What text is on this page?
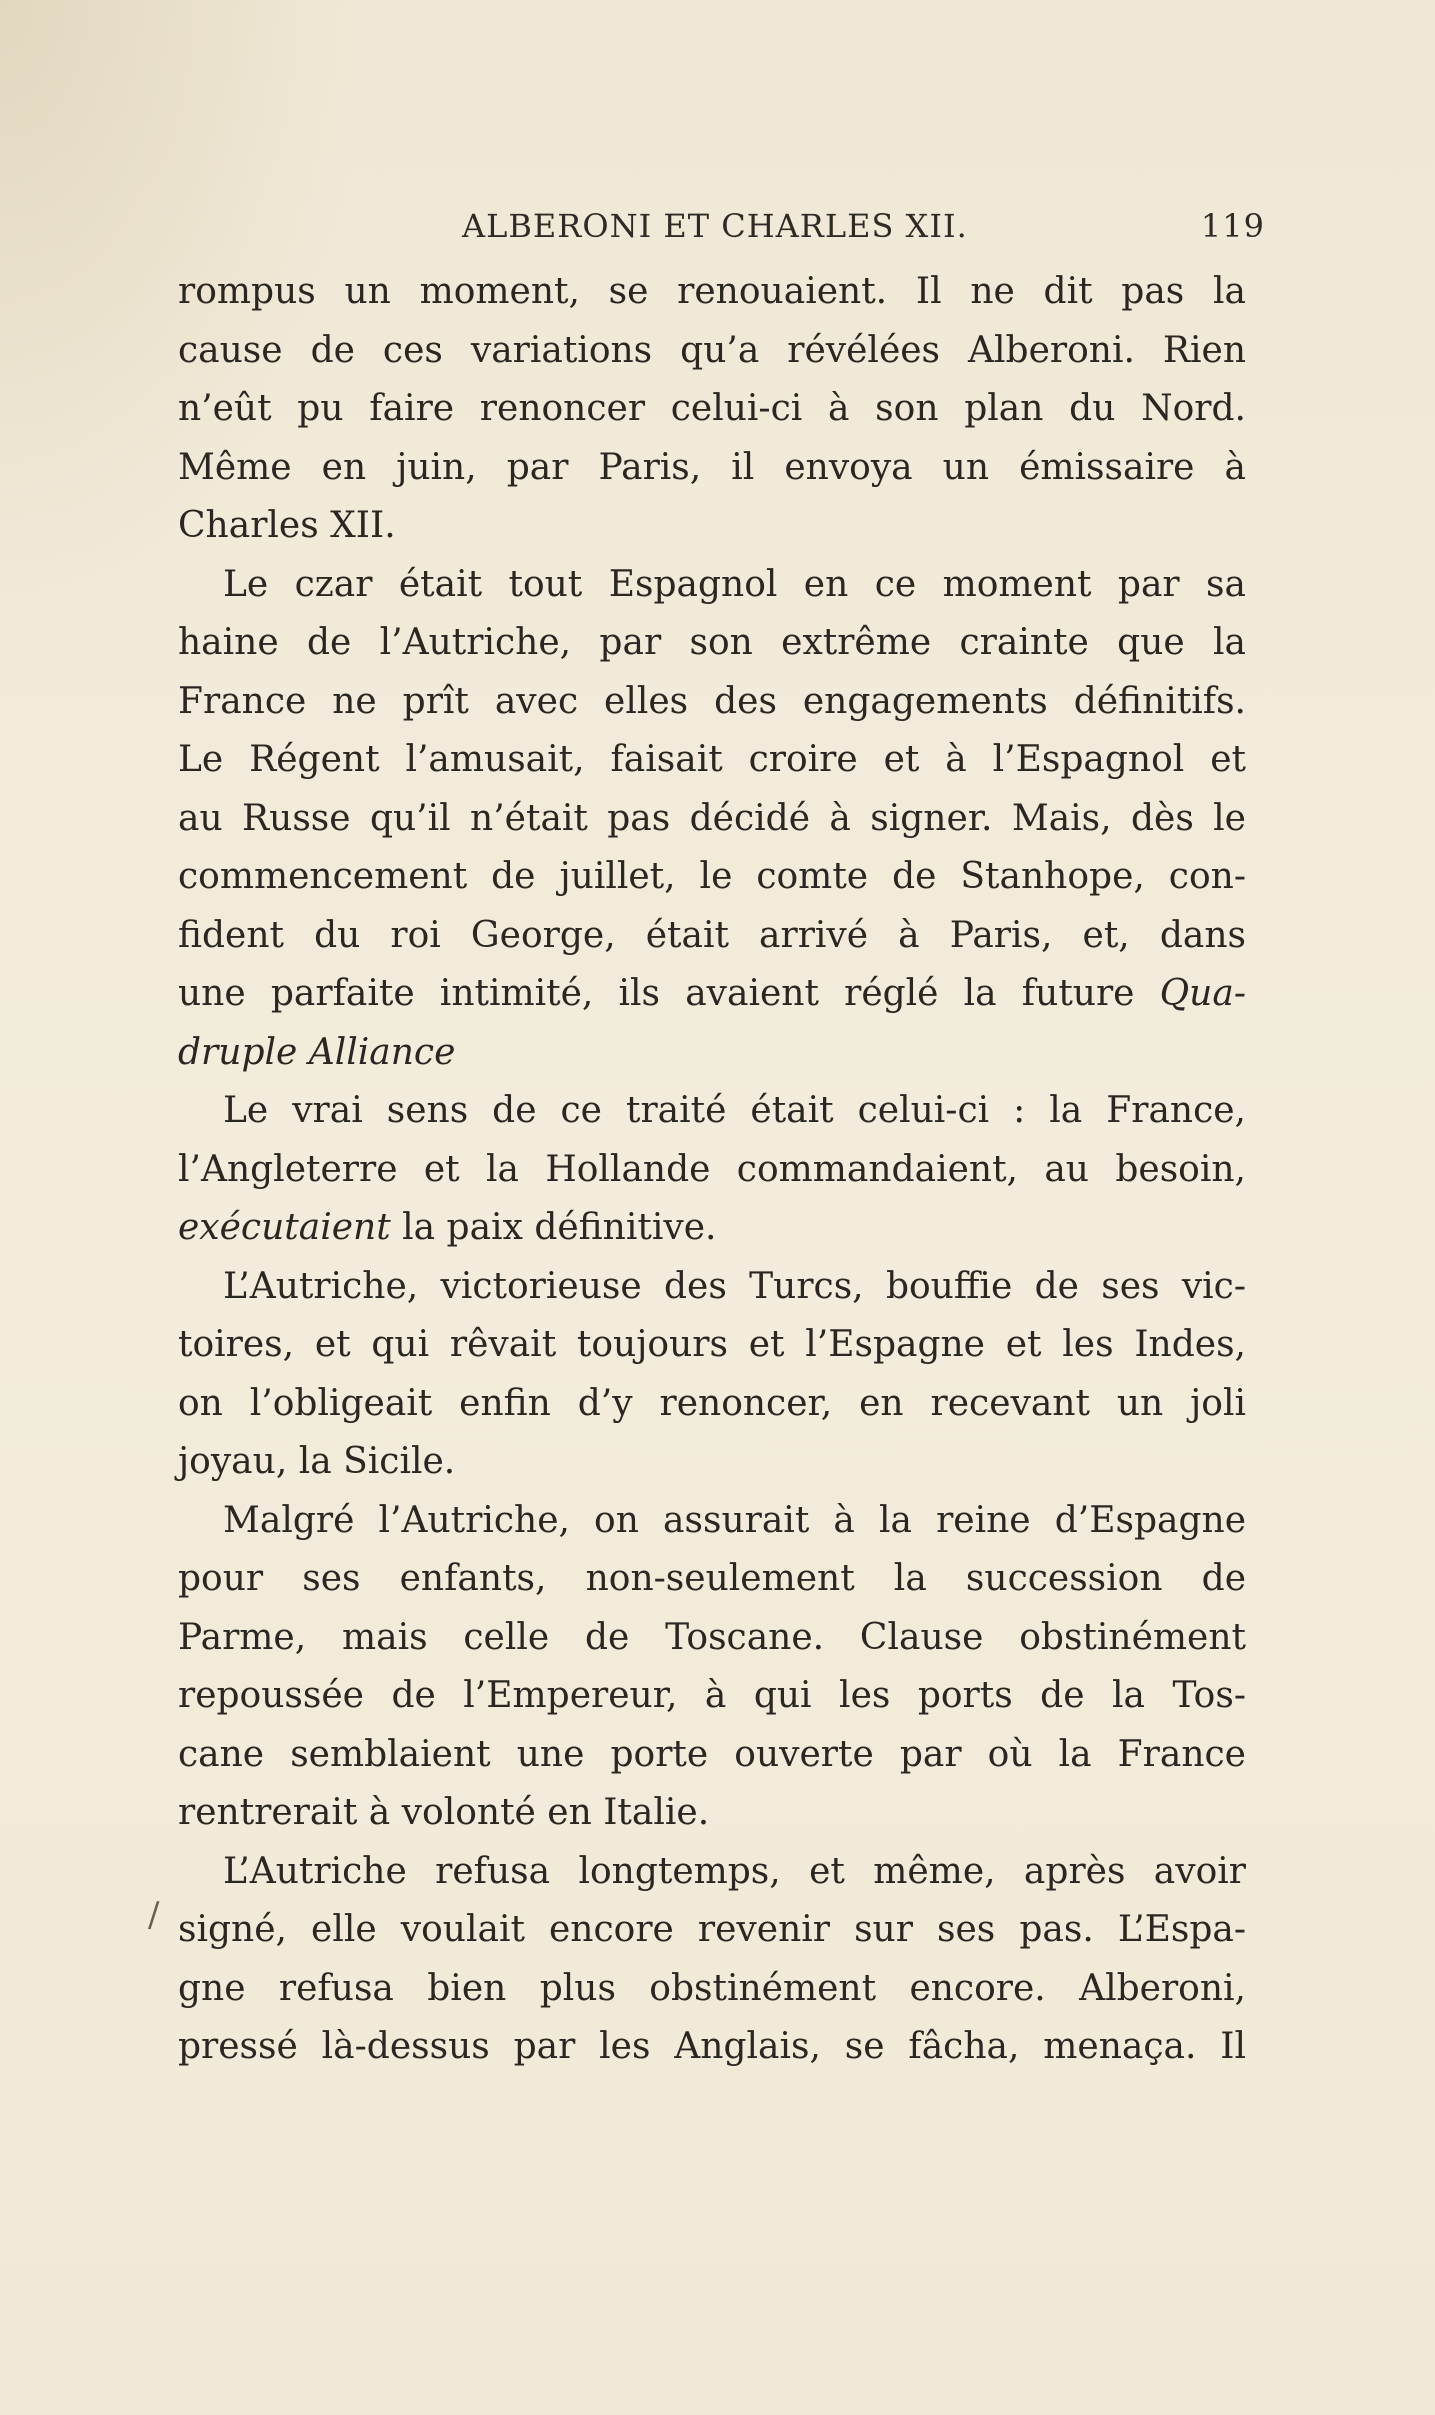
ALBERONI ET CHARLES XII.	119
/
rompus un moment, se renouaient. Il ne dit pas la
cause de ces variations qu’a révélées Alberoni. Rien
n’eût pu faire renoncer celui-ci à son plan du Nord.
Même en juin, par Paris, il envoya un émissaire à
Charles XII.
Le czar était tout Espagnol en ce moment par sa
haine de l’Autriche, par son extrême crainte que la
France ne prît avec elles des engagements définitifs.
Le Régent l’amusait, faisait croire et à l’Espagnol et
au Russe qu’il n’était pas décidé à signer. Mais, dès le
commencement de juillet, le comte de Stanhope, con-
fident du roi George, était arrivé à Paris, et, dans
une parfaite intimité, ils avaient réglé la future Qua-
druple Alliance
Le vrai sens de ce traité était celui-ci : la France,
l’Angleterre et la Hollande commandaient, au besoin,
exécutaient la paix définitive.
L’Autriche, victorieuse des Turcs, bouffie de ses vic-
toires, et qui rêvait toujours et l’Espagne et les Indes,
on l’obligeait enfin d’y renoncer, en recevant un joli
joyau, la Sicile.
Malgré l’Autriche, on assurait à la reine d’Espagne
pour ses enfants, non-seulement la succession de
Parme, mais celle de Toscane. Clause obstinément
repoussée de l’Empereur, à qui les ports de la Tos-
cane semblaient une porte ouverte par où la France
rentrerait à volonté en Italie.
L’Autriche refusa longtemps, et même, après avoir
signé, elle voulait encore revenir sur ses pas. L’Espa-
gne refusa bien plus obstinément encore. Alberoni,
pressé là-dessus par les Anglais, se fâcha, menaça. Il
